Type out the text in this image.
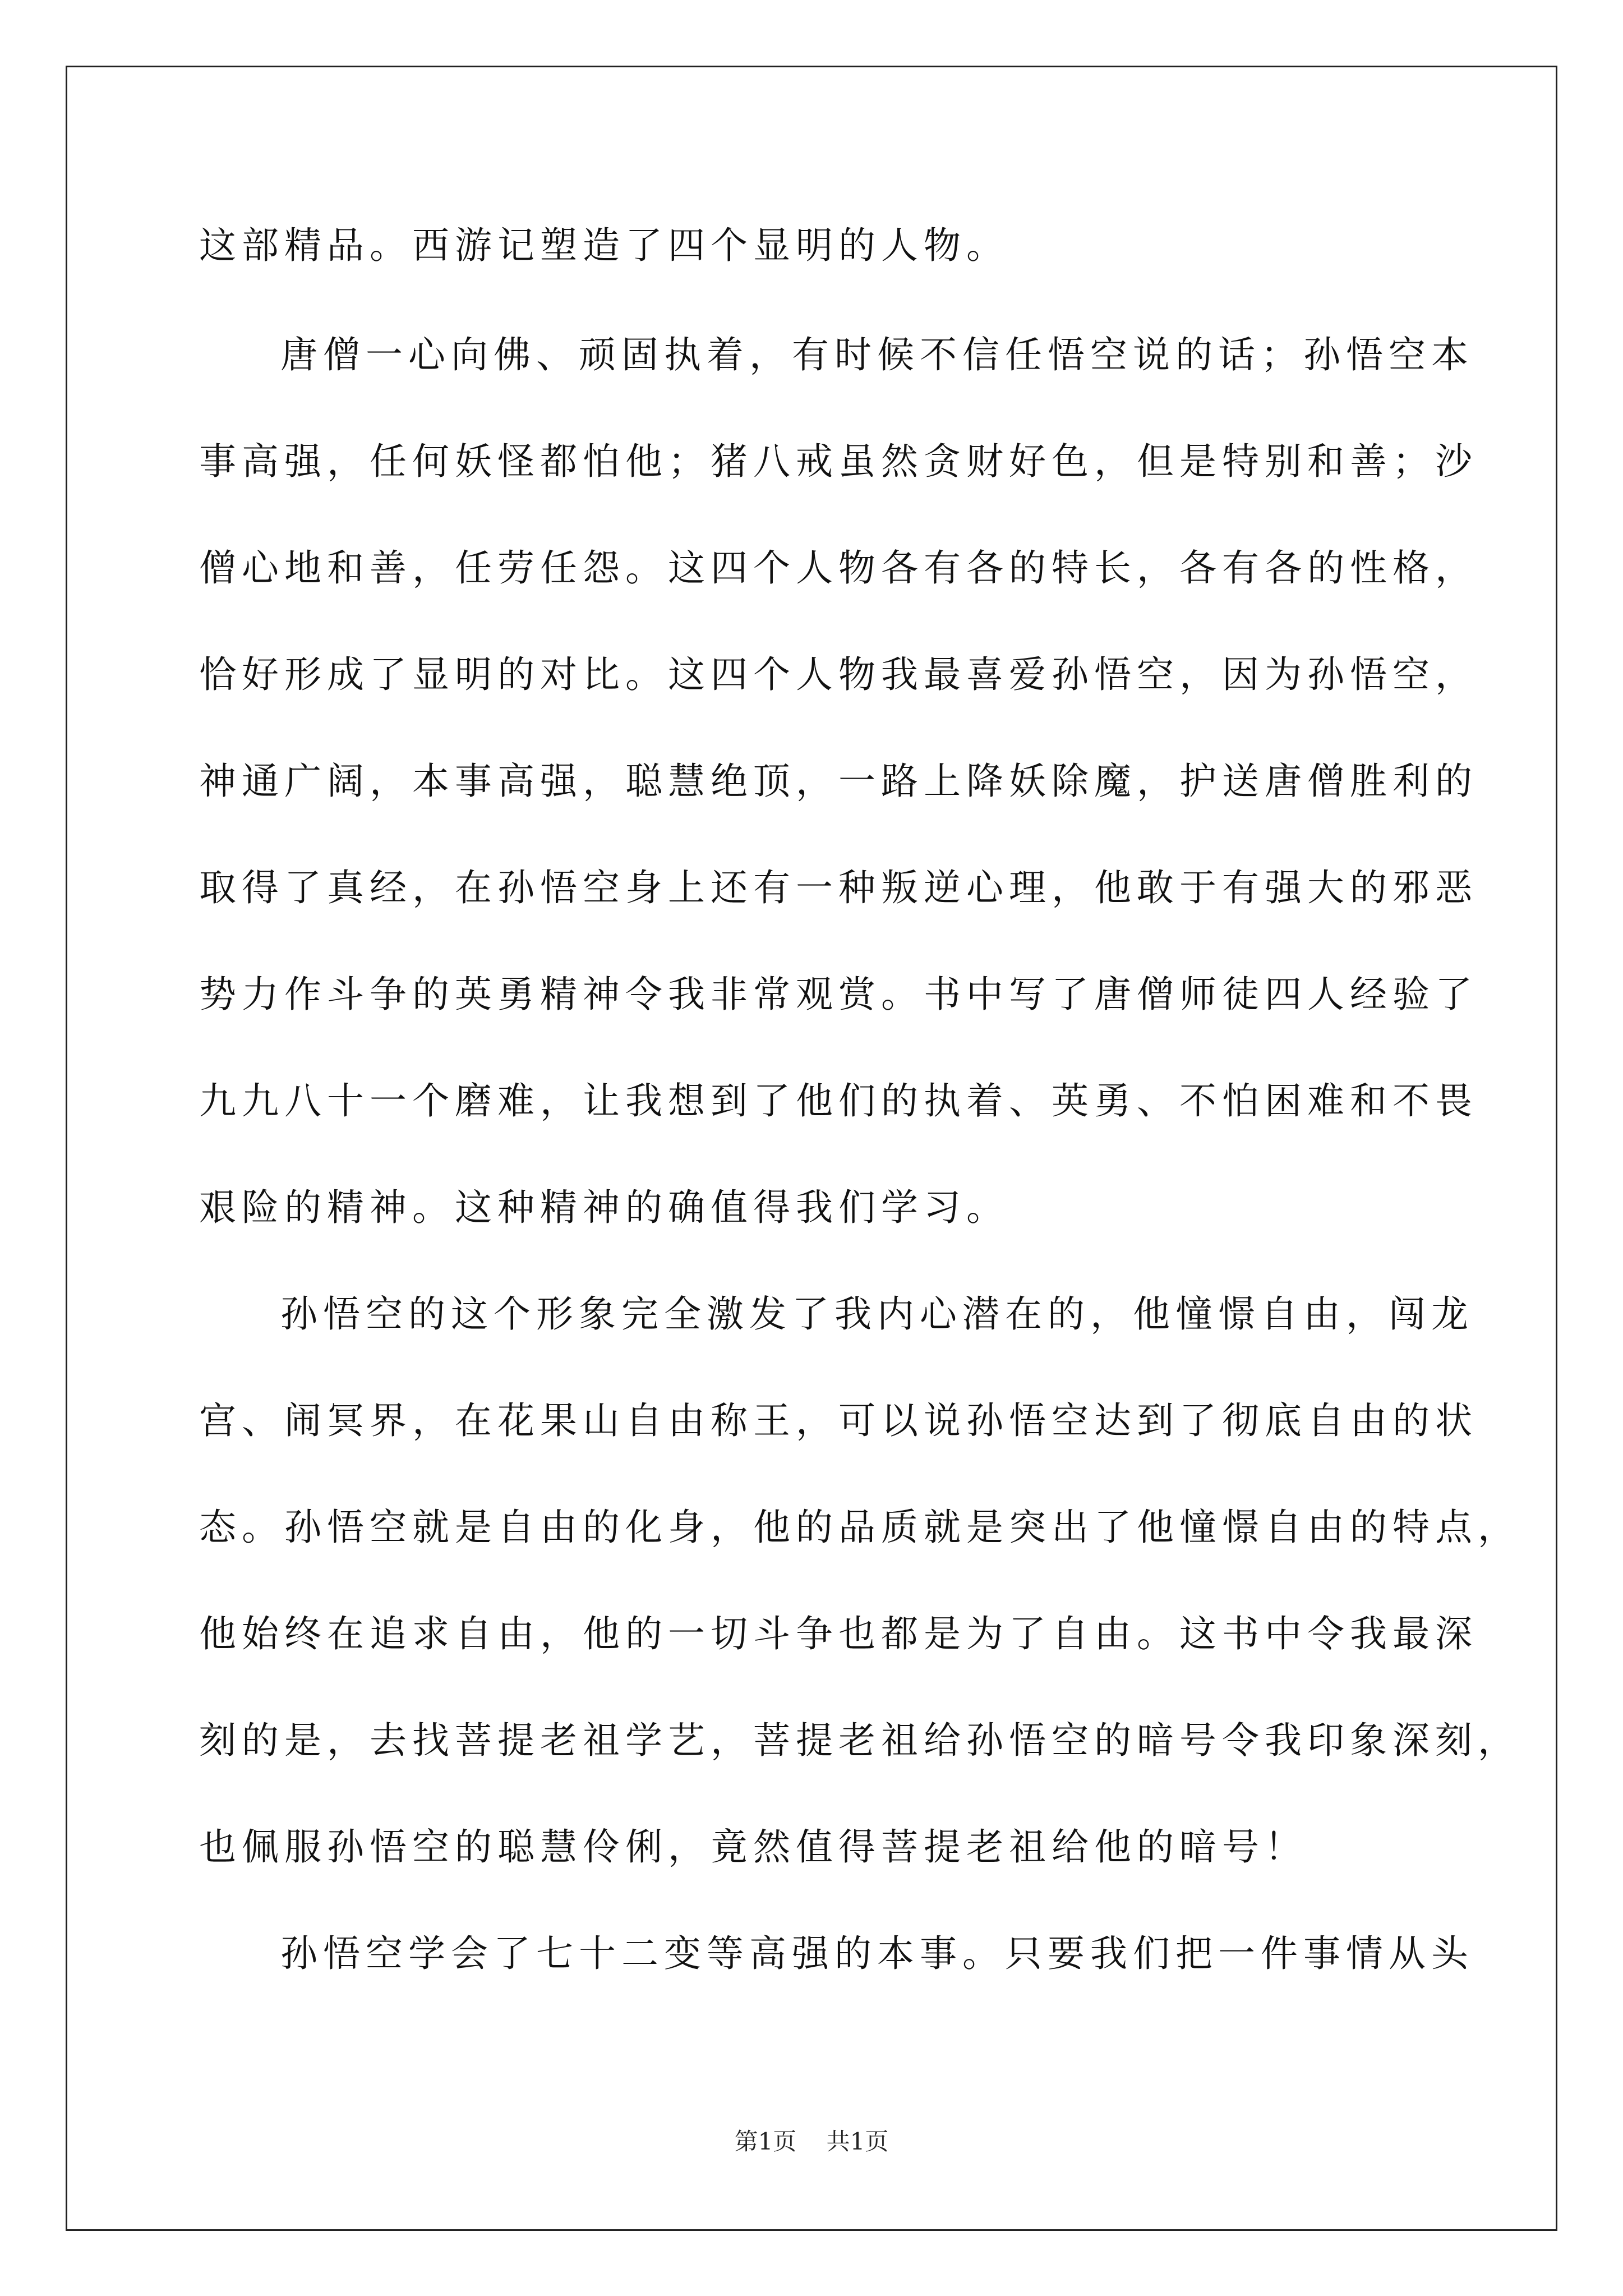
这部精品。西游记塑造了四个显明的人物。
唐僧一心向佛、顽固执着，有时候不信任悟空说的话；孙悟空本
事高强，任何妖怪都怕他；猪八戒虽然贪财好色，但是特别和善；沙
僧心地和善，任劳任怨。这四个人物各有各的特长，各有各的性格，
恰好形成了显明的对比。这四个人物我最喜爱孙悟空，因为孙悟空，
神通广阔，本事高强，聪慧绝顶，一路上降妖除魔，护送唐僧胜利的
取得了真经，在孙悟空身上还有一种叛逆心理，他敢于有强大的邪恶
势力作斗争的英勇精神令我非常观赏。书中写了唐僧师徒四人经验了
九九八十一个磨难，让我想到了他们的执着、英勇、不怕困难和不畏
艰险的精神。这种精神的确值得我们学习。
孙悟空的这个形象完全激发了我内心潜在的，他憧憬自由，闯龙
宫、闹冥界，在花果山自由称王，可以说孙悟空达到了彻底自由的状
态。孙悟空就是自由的化身，他的品质就是突出了他憧憬自由的特点，
他始终在追求自由，他的一切斗争也都是为了自由。这书中令我最深
刻的是，去找菩提老祖学艺，菩提老祖给孙悟空的暗号令我印象深刻，
也佩服孙悟空的聪慧伶俐，竟然值得菩提老祖给他的暗号！
孙悟空学会了七十二变等高强的本事。只要我们把一件事情从头
第1页    共1页
